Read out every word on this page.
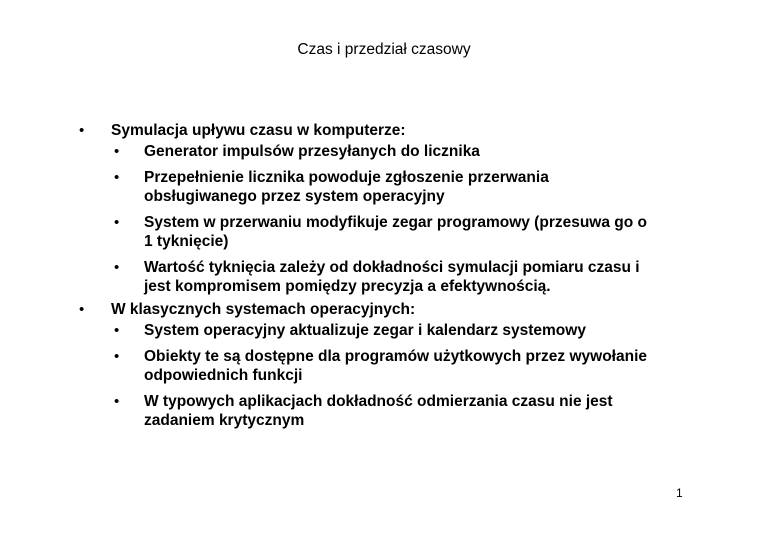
Czas i przedział czasowy
• Symulacja upływu czasu w komputerze:
• Generator impulsów przesyłanych do licznika
• Przepełnienie licznika powoduje zgłoszenie przerwania
obsługiwanego przez system operacyjny
• System w przerwaniu modyfikuje zegar programowy (przesuwa go o
1 tyknięcie)
• Wartość tyknięcia zależy od dokładności symulacji pomiaru czasu i
jest kompromisem pomiędzy precyzja a efektywnością.
• W klasycznych systemach operacyjnych:
• System operacyjny aktualizuje zegar i kalendarz systemowy
• Obiekty te są dostępne dla programów użytkowych przez wywołanie
odpowiednich funkcji
• W typowych aplikacjach dokładność odmierzania czasu nie jest
zadaniem krytycznym
1
